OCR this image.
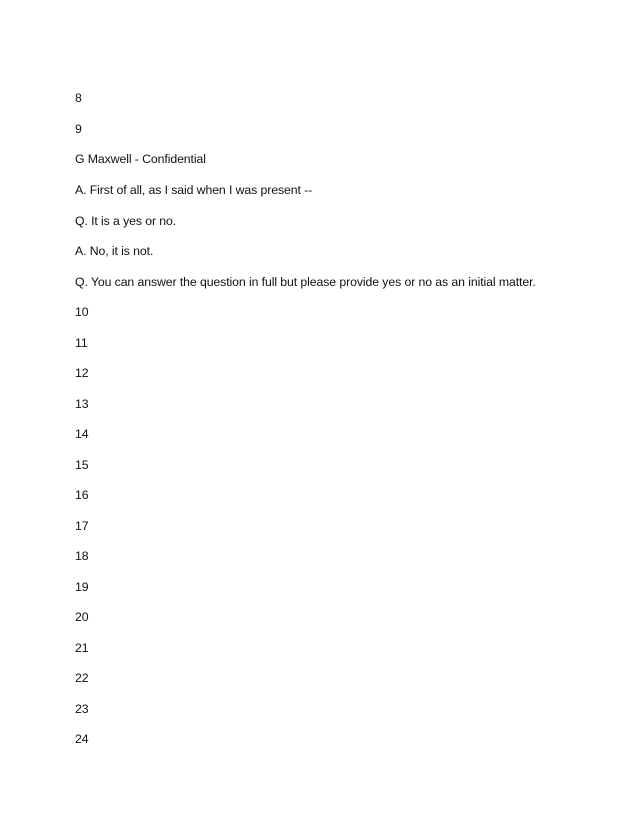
8
9
G Maxwell - Confidential
A. First of all, as I said when I was present --
Q. It is a yes or no.
A. No, it is not.
Q. You can answer the question in full but please provide yes or no as an initial matter.
10
11
12
13
14
15
16
17
18
19
20
21
22
23
24
